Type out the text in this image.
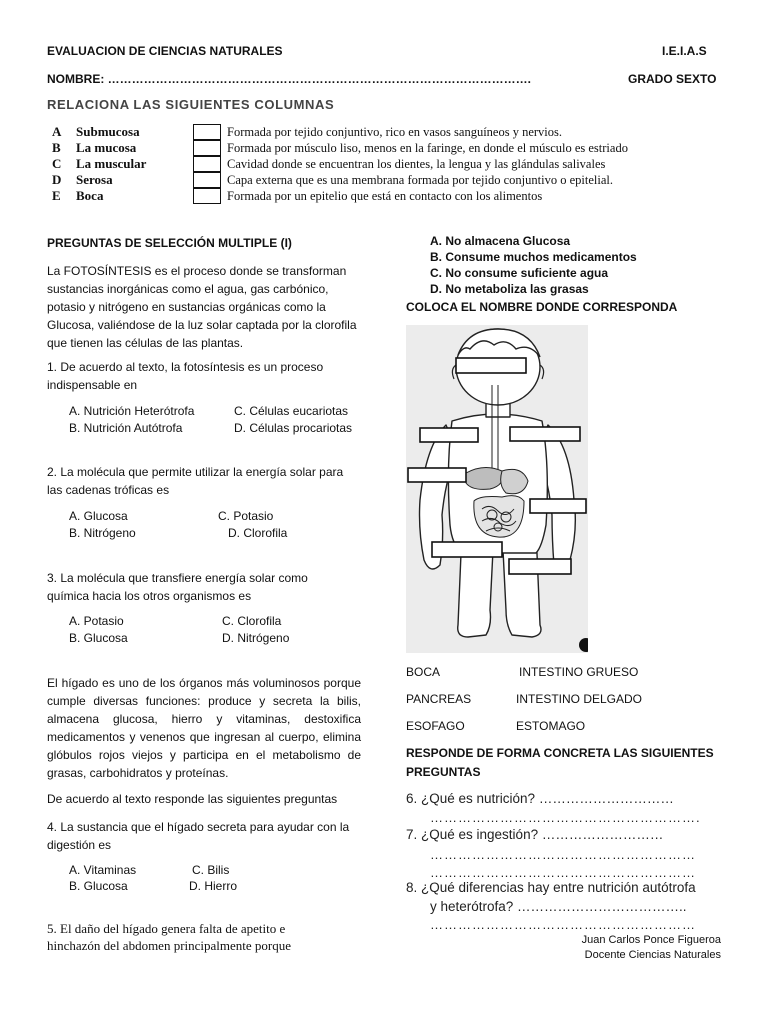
EVALUACION DE CIENCIAS NATURALES	I.E.I.A.S
NOMBRE: …………………………………………………………………………………………….	GRADO SEXTO
RELACIONA LAS SIGUIENTES COLUMNAS
A Submucosa	Formada por tejido conjuntivo, rico en vasos sanguíneos y nervios.
B La mucosa	Formada por músculo liso, menos en la faringe, en donde el músculo es estriado
C La muscular	Cavidad donde se encuentran los dientes, la lengua y las glándulas salivales
D Serosa	Capa externa que es una membrana formada por tejido conjuntivo o epitelial.
E Boca	Formada por un epitelio que está en contacto con los alimentos
PREGUNTAS DE SELECCIÓN MULTIPLE (I)
La FOTOSÍNTESIS es el proceso donde se transforman sustancias inorgánicas como el agua, gas carbónico, potasio y nitrógeno en sustancias orgánicas como la Glucosa, valiéndose de la luz solar captada por la clorofila que tienen las células de las plantas.
1. De acuerdo al texto, la fotosíntesis es un proceso indispensable en
A. Nutrición Heterótrofa	C. Células eucariotas
B. Nutrición Autótrofa	D. Células procariotas
2. La molécula que permite utilizar la energía solar para las cadenas tróficas es
A. Glucosa	C. Potasio
B. Nitrógeno	D. Clorofila
3. La molécula que transfiere energía solar como química hacia los otros organismos es
A. Potasio	C. Clorofila
B. Glucosa	D. Nitrógeno
El hígado es uno de los órganos más voluminosos porque cumple diversas funciones: produce y secreta la bilis, almacena glucosa, hierro y vitaminas, destoxifica medicamentos y venenos que ingresan al cuerpo, elimina glóbulos rojos viejos y participa en el metabolismo de grasas, carbohidratos y proteínas.
De acuerdo al texto responde las siguientes preguntas
4. La sustancia que el hígado secreta para ayudar con la digestión es
A. Vitaminas	C. Bilis
B. Glucosa	D. Hierro
5. El daño del hígado genera falta de apetito e
hinchazón del abdomen principalmente porque
A. No almacena Glucosa
B. Consume muchos medicamentos
C. No consume suficiente agua
D. No metaboliza las grasas
COLOCA EL NOMBRE DONDE CORRESPONDA
BOCA	INTESTINO GRUESO
PANCREAS	INTESTINO DELGADO
ESOFAGO	ESTOMAGO
RESPONDE DE FORMA CONCRETA LAS SIGUIENTES
PREGUNTAS
6. ¿Qué es nutrición? …………………………
………………………………………………….
7. ¿Qué es ingestión? ………………………
…………………………………………………
…………………………………………………
8. ¿Qué diferencias hay entre nutrición autótrofa
y heterótrofa? ………………………………..
…………………………………………………
Juan Carlos Ponce Figueroa
Docente Ciencias Naturales
